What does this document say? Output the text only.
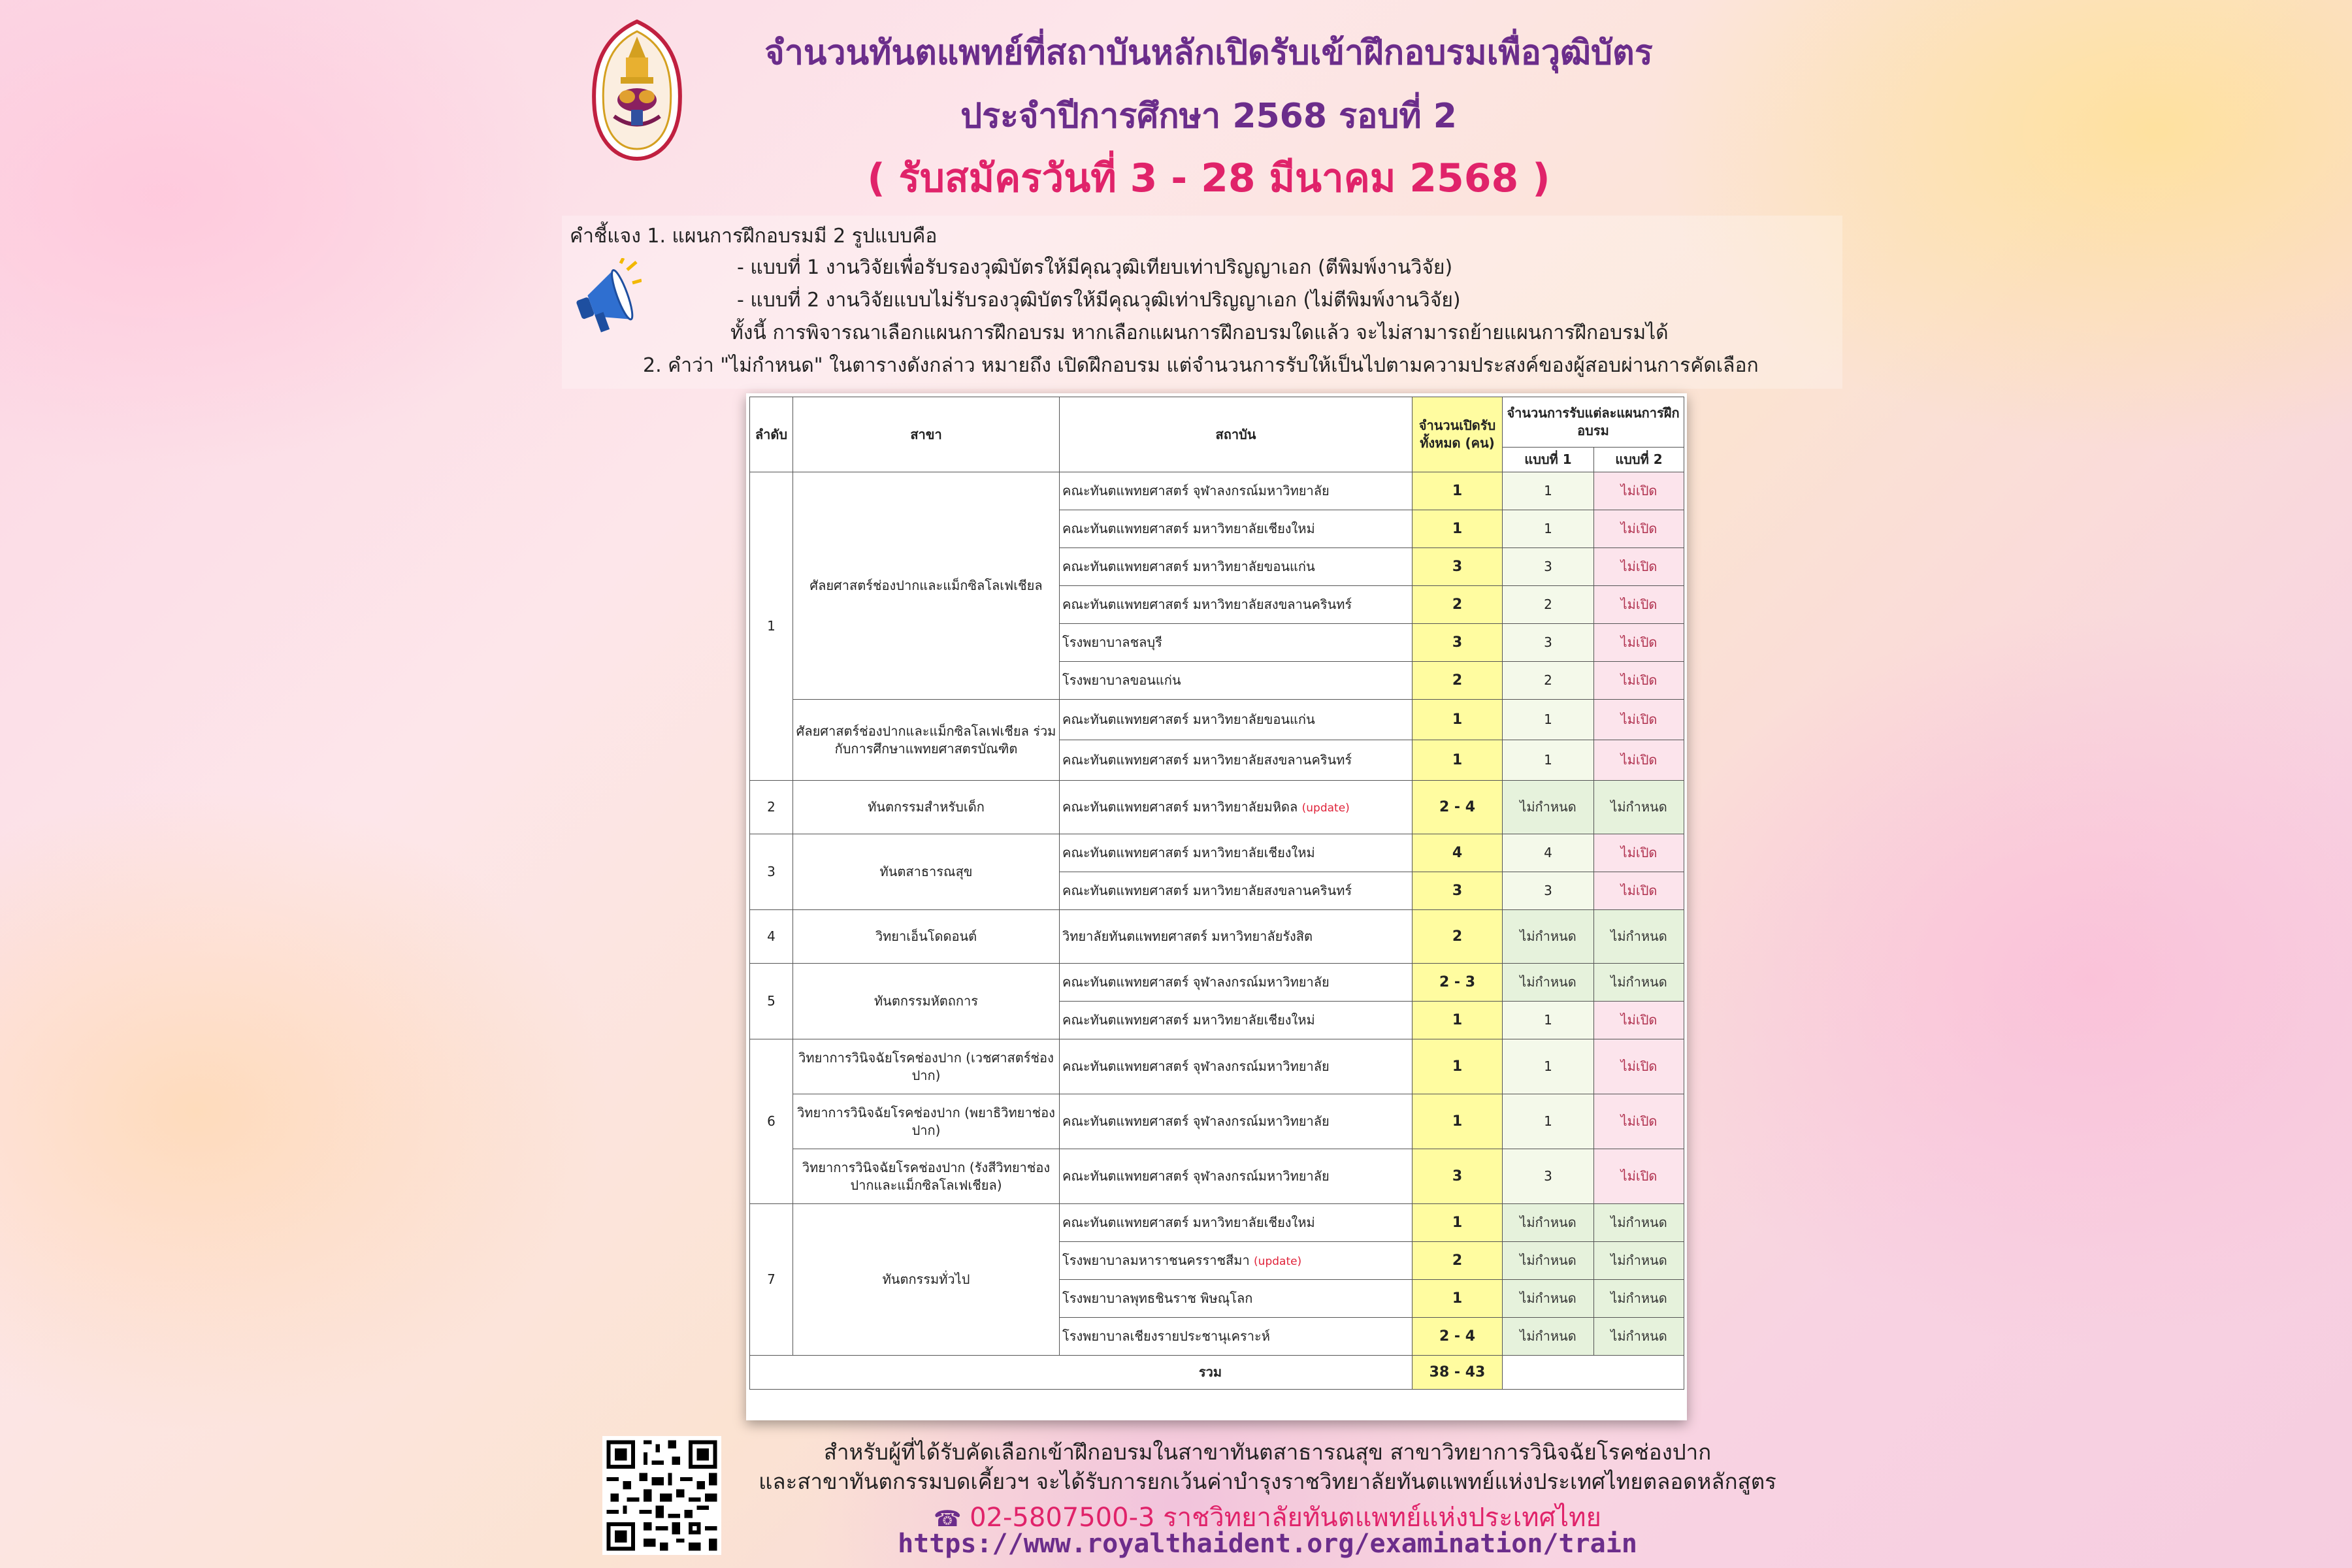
จำนวนทันตแพทย์ที่สถาบันหลักเปิดรับเข้าฝึกอบรมเพื่อวุฒิบัตร
ประจำปีการศึกษา 2568 รอบที่ 2
( รับสมัครวันที่ 3 - 28 มีนาคม 2568 )
คำชี้แจง 1. แผนการฝึกอบรมมี 2 รูปแบบคือ
- แบบที่ 1 งานวิจัยเพื่อรับรองวุฒิบัตรให้มีคุณวุฒิเทียบเท่าปริญญาเอก (ตีพิมพ์งานวิจัย)
- แบบที่ 2 งานวิจัยแบบไม่รับรองวุฒิบัตรให้มีคุณวุฒิเท่าปริญญาเอก (ไม่ตีพิมพ์งานวิจัย)
ทั้งนี้ การพิจารณาเลือกแผนการฝึกอบรม หากเลือกแผนการฝึกอบรมใดแล้ว จะไม่สามารถย้ายแผนการฝึกอบรมได้
2. คำว่า "ไม่กำหนด" ในตารางดังกล่าว หมายถึง เปิดฝึกอบรม แต่จำนวนการรับให้เป็นไปตามความประสงค์ของผู้สอบผ่านการคัดเลือก
ลำดับ	สาขา	สถาบัน	จำนวนเปิดรับทั้งหมด (คน)	จำนวนการรับแต่ละแผนการฝึกอบรม	
				แบบที่ 1	แบบที่ 2
1	ศัลยศาสตร์ช่องปากและแม็กซิลโลเฟเชียล	คณะทันตแพทยศาสตร์ จุฬาลงกรณ์มหาวิทยาลัย	1	1	ไม่เปิด
		คณะทันตแพทยศาสตร์ มหาวิทยาลัยเชียงใหม่	1	1	ไม่เปิด
		คณะทันตแพทยศาสตร์ มหาวิทยาลัยขอนแก่น	3	3	ไม่เปิด
		คณะทันตแพทยศาสตร์ มหาวิทยาลัยสงขลานครินทร์	2	2	ไม่เปิด
		โรงพยาบาลชลบุรี	3	3	ไม่เปิด
		โรงพยาบาลขอนแก่น	2	2	ไม่เปิด
	ศัลยศาสตร์ช่องปากและแม็กซิลโลเฟเชียล ร่วมกับการศึกษาแพทยศาสตรบัณฑิต	คณะทันตแพทยศาสตร์ มหาวิทยาลัยขอนแก่น	1	1	ไม่เปิด
		คณะทันตแพทยศาสตร์ มหาวิทยาลัยสงขลานครินทร์	1	1	ไม่เปิด
2	ทันตกรรมสำหรับเด็ก	คณะทันตแพทยศาสตร์ มหาวิทยาลัยมหิดล (update)	2 - 4	ไม่กำหนด	ไม่กำหนด
3	ทันตสาธารณสุข	คณะทันตแพทยศาสตร์ มหาวิทยาลัยเชียงใหม่	4	4	ไม่เปิด
		คณะทันตแพทยศาสตร์ มหาวิทยาลัยสงขลานครินทร์	3	3	ไม่เปิด
4	วิทยาเอ็นโดดอนต์	วิทยาลัยทันตแพทยศาสตร์ มหาวิทยาลัยรังสิต	2	ไม่กำหนด	ไม่กำหนด
5	ทันตกรรมหัตถการ	คณะทันตแพทยศาสตร์ จุฬาลงกรณ์มหาวิทยาลัย	2 - 3	ไม่กำหนด	ไม่กำหนด
		คณะทันตแพทยศาสตร์ มหาวิทยาลัยเชียงใหม่	1	1	ไม่เปิด
6	วิทยาการวินิจฉัยโรคช่องปาก (เวชศาสตร์ช่องปาก)	คณะทันตแพทยศาสตร์ จุฬาลงกรณ์มหาวิทยาลัย	1	1	ไม่เปิด
	วิทยาการวินิจฉัยโรคช่องปาก (พยาธิวิทยาช่องปาก)	คณะทันตแพทยศาสตร์ จุฬาลงกรณ์มหาวิทยาลัย	1	1	ไม่เปิด
	วิทยาการวินิจฉัยโรคช่องปาก (รังสีวิทยาช่องปากและแม็กซิลโลเฟเชียล)	คณะทันตแพทยศาสตร์ จุฬาลงกรณ์มหาวิทยาลัย	3	3	ไม่เปิด
7	ทันตกรรมทั่วไป	คณะทันตแพทยศาสตร์ มหาวิทยาลัยเชียงใหม่	1	ไม่กำหนด	ไม่กำหนด
		โรงพยาบาลมหาราชนครราชสีมา (update)	2	ไม่กำหนด	ไม่กำหนด
		โรงพยาบาลพุทธชินราช พิษณุโลก	1	ไม่กำหนด	ไม่กำหนด
		โรงพยาบาลเชียงรายประชานุเคราะห์	2 - 4	ไม่กำหนด	ไม่กำหนด
รวม			38 - 43		
สำหรับผู้ที่ได้รับคัดเลือกเข้าฝึกอบรมในสาขาทันตสาธารณสุข สาขาวิทยาการวินิจฉัยโรคช่องปาก
และสาขาทันตกรรมบดเคี้ยวฯ จะได้รับการยกเว้นค่าบำรุงราชวิทยาลัยทันตแพทย์แห่งประเทศไทยตลอดหลักสูตร
☎ 02-5807500-3 ราชวิทยาลัยทันตแพทย์แห่งประเทศไทย
https://www.royalthaident.org/examination/train
